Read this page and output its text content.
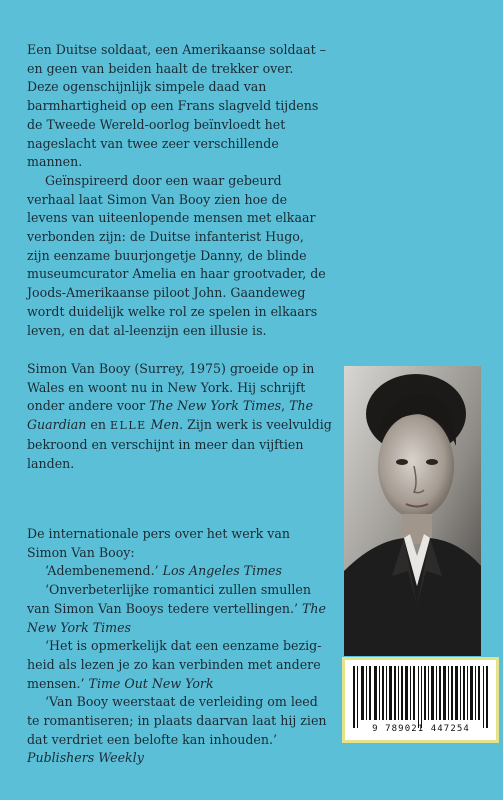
Een Duitse soldaat, een Amerikaanse soldaat – en geen van beiden haalt de trekker over. Deze ogenschijnlijk simpele daad van barmhartigheid op een Frans slagveld tijdens de Tweede Wereld-oorlog beïnvloedt het nageslacht van twee zeer verschillende mannen.

Geïnspireerd door een waar gebeurd verhaal laat Simon Van Booy zien hoe de levens van uiteenlopende mensen met elkaar verbonden zijn: de Duitse infanterist Hugo, zijn eenzame buurjongetje Danny, de blinde museumcurator Amelia en haar grootvader, de Joods-Amerikaanse piloot John. Gaandeweg wordt duidelijk welke rol ze spelen in elkaars leven, en dat al-leenzijn een illusie is.

Simon Van Booy (Surrey, 1975) groeide op in Wales en woont nu in New York. Hij schrijft onder andere voor The New York Times, The Guardian en ELLE Men. Zijn werk is veelvuldig bekroond en verschijnt in meer dan vijftien landen.

De internationale pers over het werk van Simon Van Booy:

‘Adembenemend.’ Los Angeles Times

‘Onverbeterlijke romantici zullen smullen van Simon Van Booys tedere vertellingen.’ The New York Times

‘Het is opmerkelijk dat een eenzame bezig-heid als lezen je zo kan verbinden met andere mensen.’ Time Out New York

‘Van Booy weerstaat de verleiding om leed te romantiseren; in plaats daarvan laat hij zien dat verdriet een belofte kan inhouden.’ Publishers Weekly

9 789021 447254
